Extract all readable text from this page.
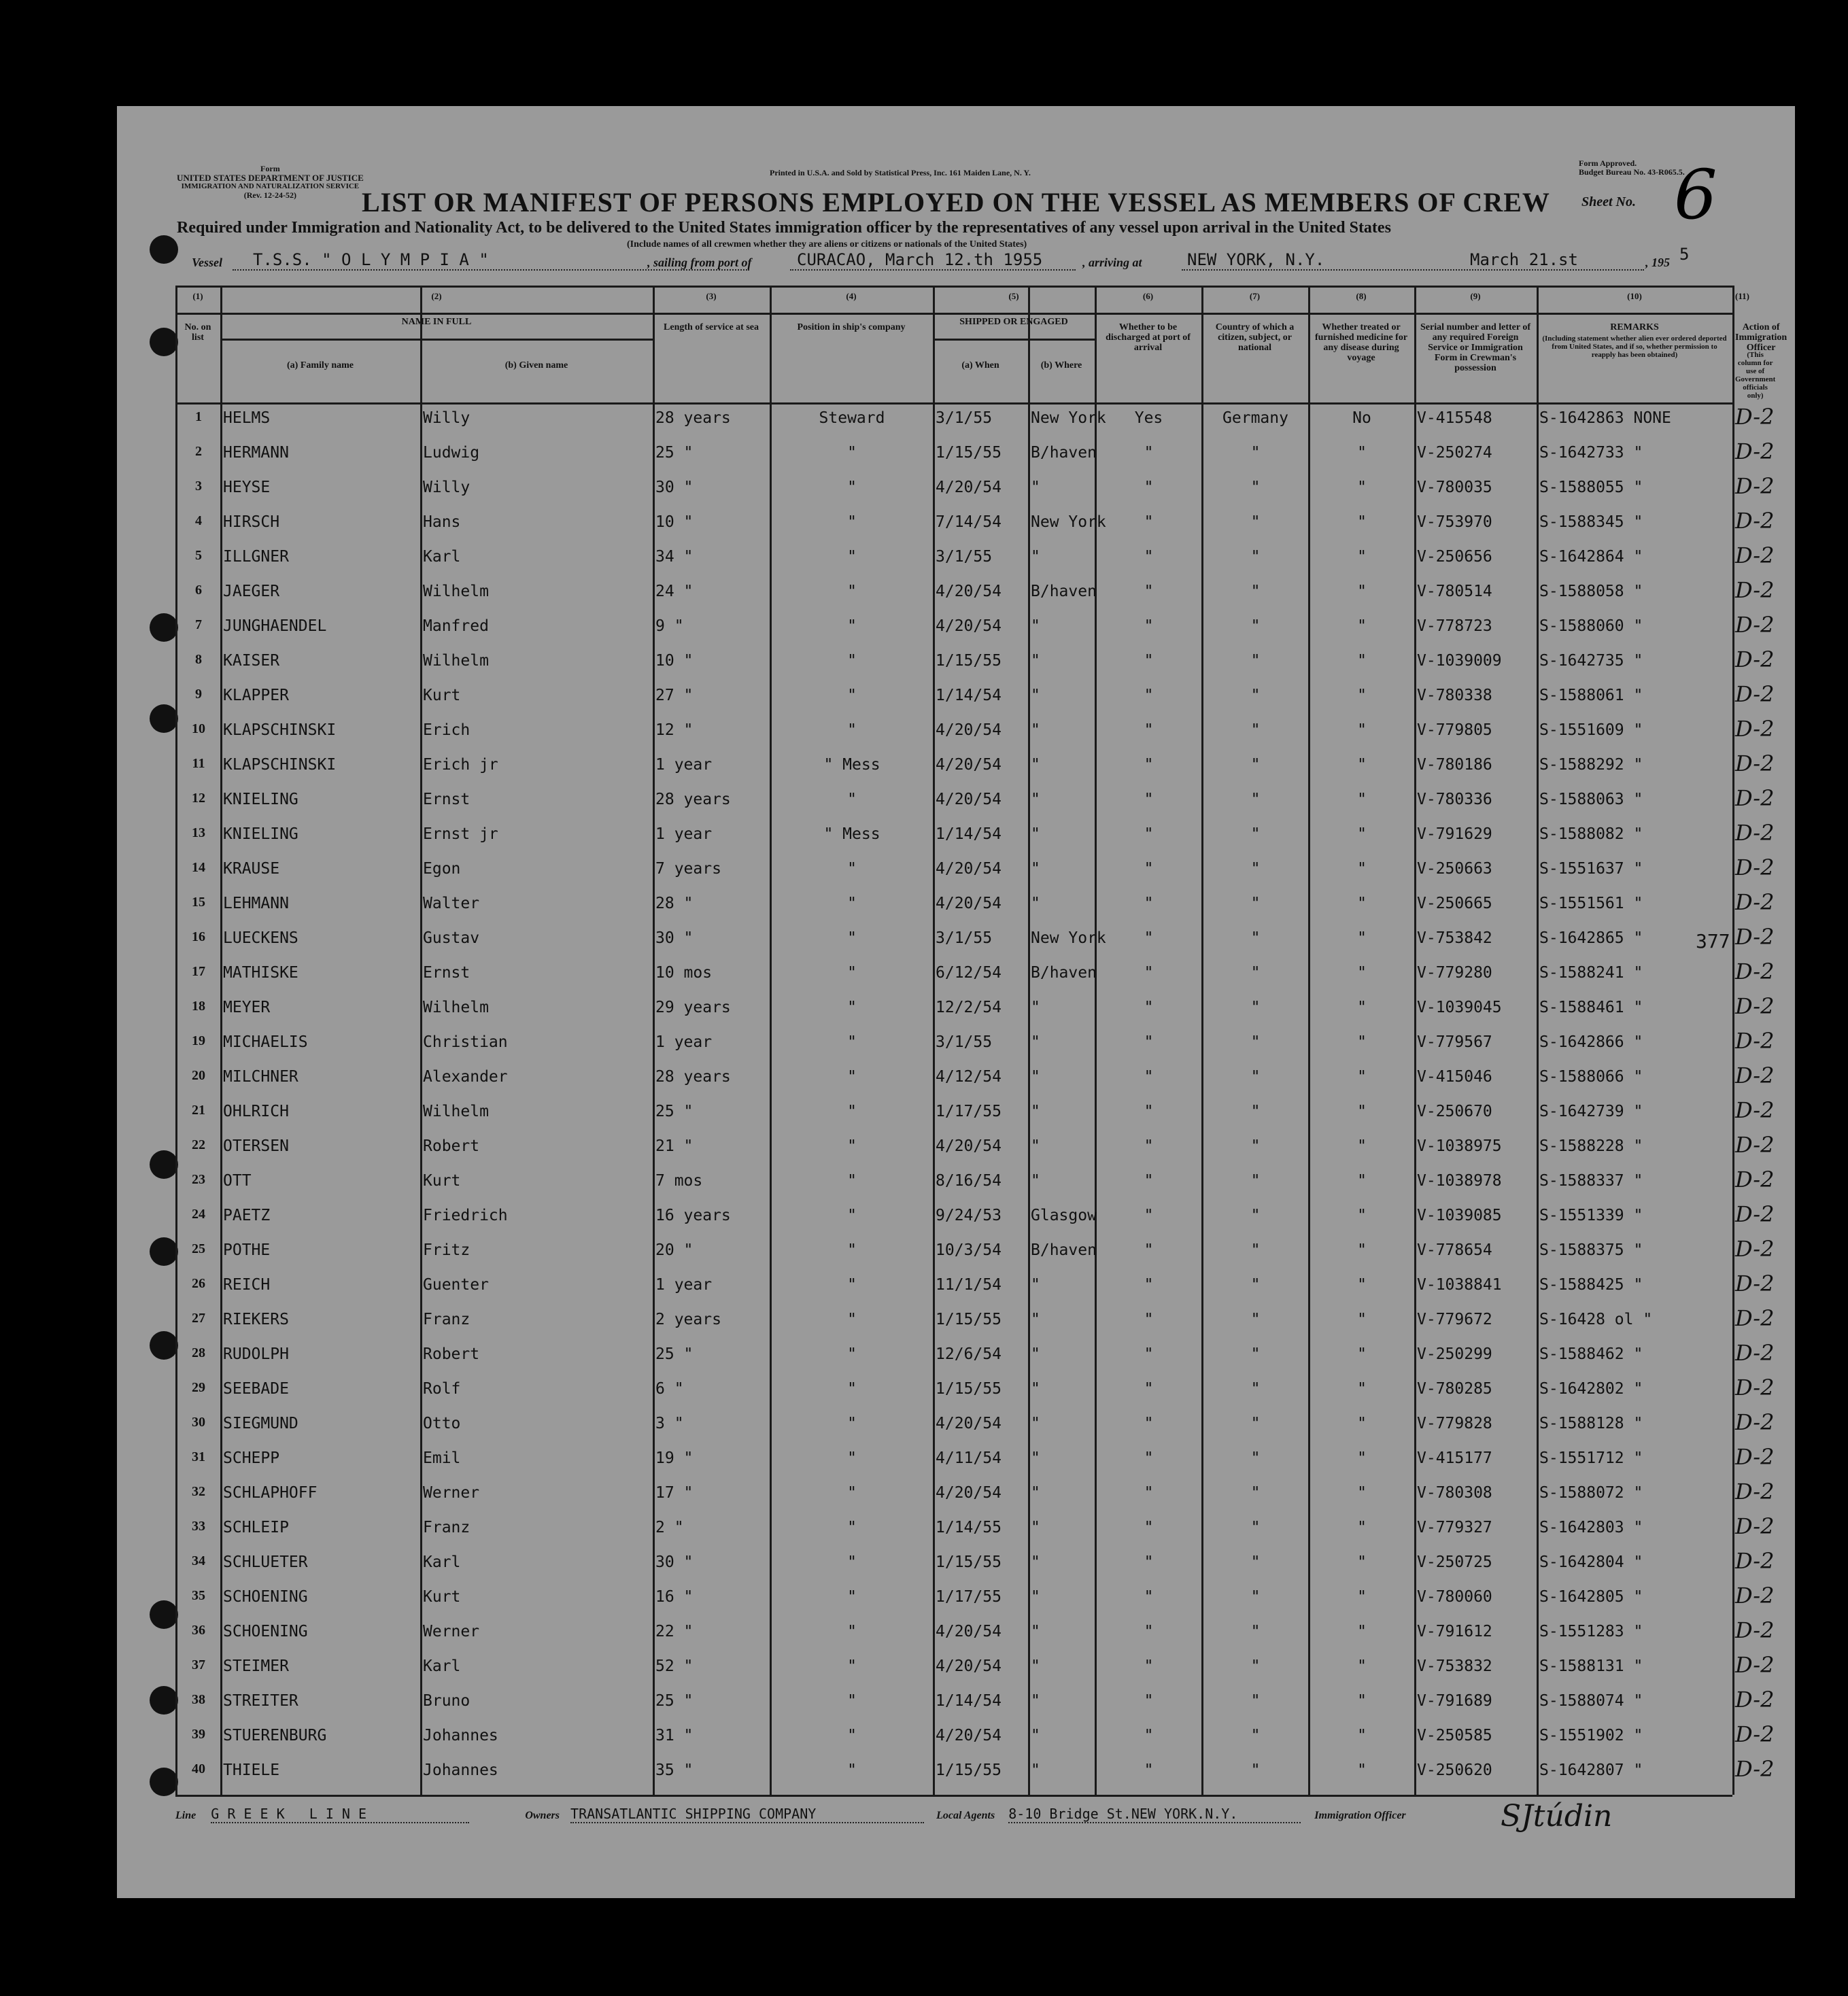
Form
UNITED STATES DEPARTMENT OF JUSTICE
IMMIGRATION AND NATURALIZATION SERVICE
(Rev. 12-24-52)
Printed in U.S.A. and Sold by Statistical Press, Inc. 161 Maiden Lane, N. Y.
Form Approved.
Budget Bureau No. 43-R065.5.
LIST OR MANIFEST OF PERSONS EMPLOYED ON THE VESSEL AS MEMBERS OF CREW Sheet No. 6
Required under Immigration and Nationality Act, to be delivered to the United States immigration officer by the representatives of any vessel upon arrival in the United States
(Include names of all crewmen whether they are aliens or citizens or nationals of the United States)
Vessel T.S.S. " O L Y M P I A "	, sailing from port of	CURACAO, March 12.th 1955	, arriving at	NEW YORK, N.Y.	March 21.st	, 195 5
(1)
No. on list
(2)
NAME IN FULL
(3)
Length of service at sea
(4)
Position in ship's company
(5)
SHIPPED OR ENGAGED
(6)
Whether to be discharged at port of arrival
(7)
Country of which a citizen, subject, or national
(8)
Whether treated or furnished medicine for any disease during voyage
(9)
Serial number and letter of any required Foreign Service or Immigration Form in Crewman's possession
(10)
REMARKS
(11)
Action of Immigration Officer
(a) Family name	(b) Given name	(a) When	(b) Where
(Including statement whether alien ever ordered deported from United States, and if so, whether permission to reapply has been obtained)	(This column for use of Government officials only)
1	HELMS	Willy	28 years	Steward	3/1/55	New York	Yes	Germany	No	V-415548	S-1642863 NONE	D-2
2	HERMANN	Ludwig	25 "	"	1/15/55	B/haven	"	"	"	V-250274	S-1642733 "	D-2
3	HEYSE	Willy	30 "	"	4/20/54	"	"	"	"	V-780035	S-1588055 "	D-2
4	HIRSCH	Hans	10 "	"	7/14/54	New York	"	"	"	V-753970	S-1588345 "	D-2
5	ILLGNER	Karl	34 "	"	3/1/55	"	"	"	"	V-250656	S-1642864 "	D-2
6	JAEGER	Wilhelm	24 "	"	4/20/54	B/haven	"	"	"	V-780514	S-1588058 "	D-2
7	JUNGHAENDEL	Manfred	9 "	"	4/20/54	"	"	"	"	V-778723	S-1588060 "	D-2
8	KAISER	Wilhelm	10 "	"	1/15/55	"	"	"	"	V-1039009	S-1642735 "	D-2
9	KLAPPER	Kurt	27 "	"	1/14/54	"	"	"	"	V-780338	S-1588061 "	D-2
10	KLAPSCHINSKI	Erich	12 "	"	4/20/54	"	"	"	"	V-779805	S-1551609 "	D-2
11	KLAPSCHINSKI	Erich jr	1 year	" Mess	4/20/54	"	"	"	"	V-780186	S-1588292 "	D-2
12	KNIELING	Ernst	28 years	"	4/20/54	"	"	"	"	V-780336	S-1588063 "	D-2
13	KNIELING	Ernst jr	1 year	" Mess	1/14/54	"	"	"	"	V-791629	S-1588082 "	D-2
14	KRAUSE	Egon	7 years	"	4/20/54	"	"	"	"	V-250663	S-1551637 "	D-2
15	LEHMANN	Walter	28 "	"	4/20/54	"	"	"	"	V-250665	S-1551561 "	D-2
16	LUECKENS	Gustav	30 "	"	3/1/55	New York	"	"	"	V-753842	S-1642865 "	D-2
17	MATHISKE	Ernst	10 mos	"	6/12/54	B/haven	"	"	"	V-779280	S-1588241 "	D-2
18	MEYER	Wilhelm	29 years	"	12/2/54	"	"	"	"	V-1039045	S-1588461 "	D-2
19	MICHAELIS	Christian	1 year	"	3/1/55	"	"	"	"	V-779567	S-1642866 "	D-2
20	MILCHNER	Alexander	28 years	"	4/12/54	"	"	"	"	V-415046	S-1588066 "	D-2
21	OHLRICH	Wilhelm	25 "	"	1/17/55	"	"	"	"	V-250670	S-1642739 "	D-2
22	OTERSEN	Robert	21 "	"	4/20/54	"	"	"	"	V-1038975	S-1588228 "	D-2
23	OTT	Kurt	7 mos	"	8/16/54	"	"	"	"	V-1038978	S-1588337 "	D-2
24	PAETZ	Friedrich	16 years	"	9/24/53	Glasgow	"	"	"	V-1039085	S-1551339 "	D-2
25	POTHE	Fritz	20 "	"	10/3/54	B/haven	"	"	"	V-778654	S-1588375 "	D-2
26	REICH	Guenter	1 year	"	11/1/54	"	"	"	"	V-1038841	S-1588425 "	D-2
27	RIEKERS	Franz	2 years	"	1/15/55	"	"	"	"	V-779672	S-16428 ol "	D-2
28	RUDOLPH	Robert	25 "	"	12/6/54	"	"	"	"	V-250299	S-1588462 "	D-2
29	SEEBADE	Rolf	6 "	"	1/15/55	"	"	"	"	V-780285	S-1642802 "	D-2
30	SIEGMUND	Otto	3 "	"	4/20/54	"	"	"	"	V-779828	S-1588128 "	D-2
31	SCHEPP	Emil	19 "	"	4/11/54	"	"	"	"	V-415177	S-1551712 "	D-2
32	SCHLAPHOFF	Werner	17 "	"	4/20/54	"	"	"	"	V-780308	S-1588072 "	D-2
33	SCHLEIP	Franz	2 "	"	1/14/55	"	"	"	"	V-779327	S-1642803 "	D-2
34	SCHLUETER	Karl	30 "	"	1/15/55	"	"	"	"	V-250725	S-1642804 "	D-2
35	SCHOENING	Kurt	16 "	"	1/17/55	"	"	"	"	V-780060	S-1642805 "	D-2
36	SCHOENING	Werner	22 "	"	4/20/54	"	"	"	"	V-791612	S-1551283 "	D-2
37	STEIMER	Karl	52 "	"	4/20/54	"	"	"	"	V-753832	S-1588131 "	D-2
38	STREITER	Bruno	25 "	"	1/14/54	"	"	"	"	V-791689	S-1588074 "	D-2
39	STUERENBURG	Johannes	31 "	"	4/20/54	"	"	"	"	V-250585	S-1551902 "	D-2
40	THIELE	Johannes	35 "	"	1/15/55	"	"	"	"	V-250620	S-1642807 "	D-2
377
Line G R E E K   L I N E	Owners TRANSATLANTIC SHIPPING COMPANY	Local Agents 8-10 Bridge St.NEW YORK.N.Y.	Immigration Officer	SJtúdin
